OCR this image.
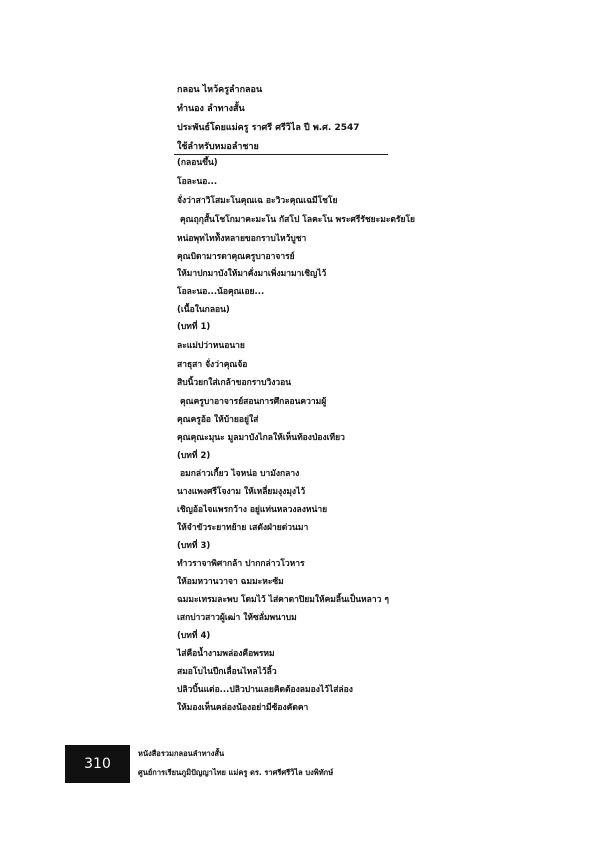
กลอน ไหว้ครูลำกลอน
ทำนอง ลำทางสั้น
ประพันธ์โดยแม่ครู ราศรี ศรีวิไล ปี พ.ศ. 2547
ใช้ลำหรับหมอลำชาย
(กลอนขึ้น)
โอละนอ...
จั่งว่าสาวิโสมะโนคุณเฉ อะวิวะคุณเฉมีโชโย
คุณถุกุสั้นโชโกมาคะมะโน กัสโป โลคะโน พระศรีรัชยะมะตรัยโย
หน่อพุทไทท้ังหลายขอกราบไหว้บูชา
คุณบิดามารดาคุณครูบาอาจารย์
ให้มาปกมาบังให้มาคั่งมาเพิ่งมามาเชิญไว้
โอละนอ...น้อคุณเอย...
(เนื้อในกลอน)
(บทที่ 1)
ละแม่ปว่าหนอนาย
สาธุสา จั่งว่าคุณจ้อ
สิบนิ้วยกใส่เกล้าขอกราบวิงวอน
คุณครูบาอาจารย์สอนการศึกลอนความผู้
คุณครูอ้อ ให้บ้ายอยู่ใส่
คุณคุณะมุนะ มูลมาบังไกลให้เห็นท้องป่องเทียว
(บทที่ 2)
อมกล่าวเกี้ยว ไจหน่อ บามังกลาง
นางแพงศรีโจงาม ให้เหลี่ยมงุงมุงไว้
เชิญอ้อไจแพรกว้าง อยู่แท่นหลวงลงหน่าย
ให้จำขัวระยาทย้าย เสดังฝ่ายด่วนมา
(บทที่ 3)
ทำวราจาพิศากล้า ปากกล่าวโวหาร
ให้อมหวานวาจา ฉมมะหะซ้ม
ฉมมะเทรมละพบ โดมไว้ ไส่คาดาปิยมให้คมลิ้นเป็นหลาว ๆ
เสกบ่าวสาวผู้เฒ่า ให้ซลั่มพนาบม
(บทที่ 4)
ไส่คือน้ำงามพล่องคือพรหม
สมอโบไนปีกเลื่อนไหลไว้ลิ้ว
ปลิวบิ้นแต่อ...ปลิวปานเลยคิดต้องลมองไว้ไส่ล่อง
ให้มองเห็นคล่องน้องอย่ามีซ้องคัดคา
310
หนังสือรวมกลอนลำทางสั้น
ศูนย์การเรียนภูมิปัญญาไทย แม่ครู ดร. ราศรีศรีวิไล บงพิทักษ์
